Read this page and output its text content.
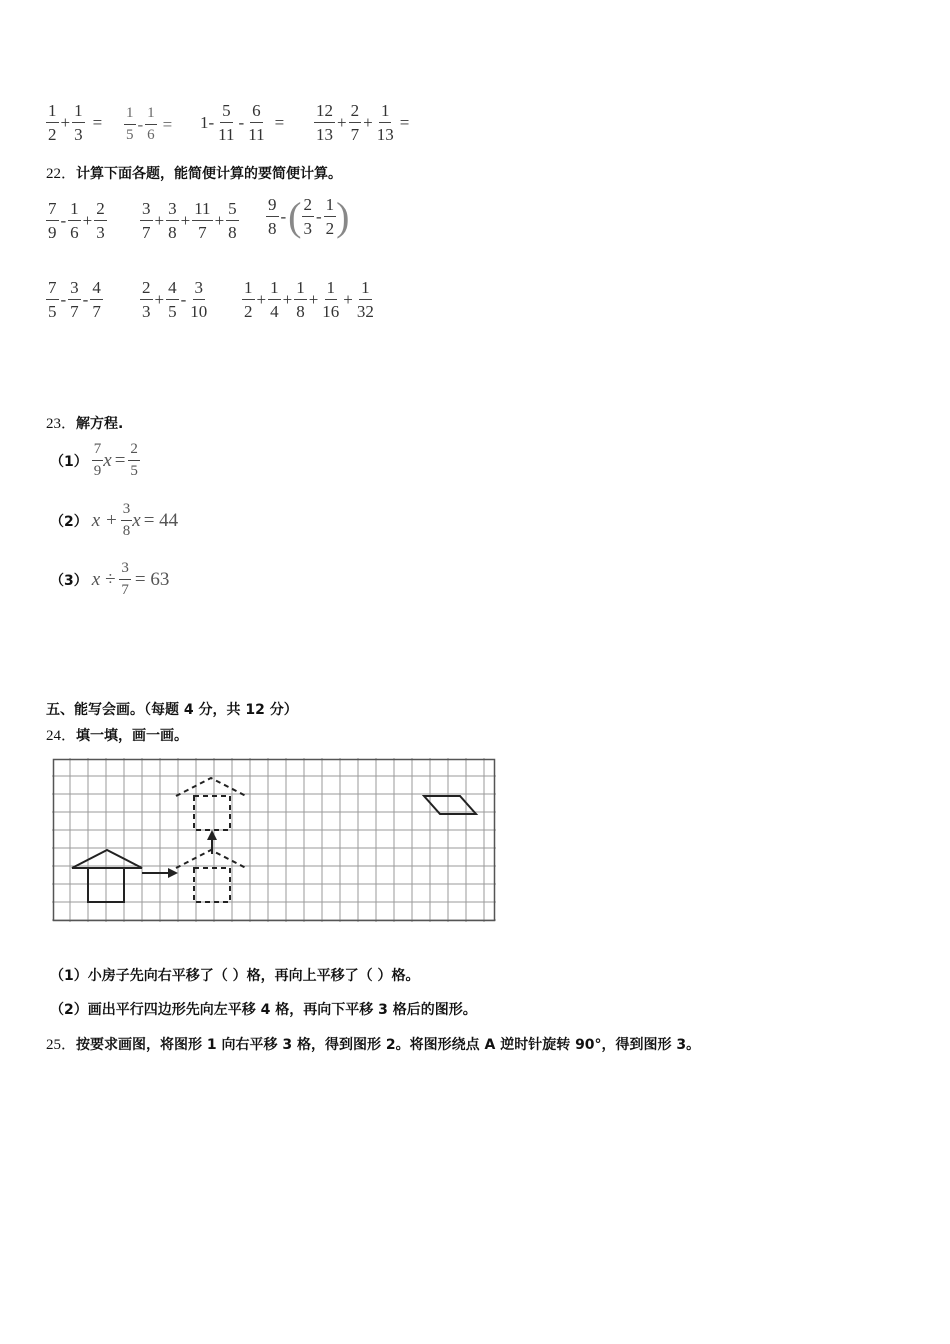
$\frac{1}{2} + \frac{1}{3} = \frac{1}{5} - \frac{1}{6} = 1- \frac{5}{11} - \frac{6}{11} = \frac{12}{13} + \frac{2}{7} + \frac{1}{13}$ =
22．计算下面各题，能简便计算的要简便计算。
$\frac{7}{9} - \frac{1}{6} + \frac{2}{3} \frac{3}{7} + \frac{3}{8} + \frac{11}{7} + \frac{5}{8} \frac{9}{8}$ - ( $\frac{2}{3} - \frac{1}{2}$ )
$\frac{7}{5} - \frac{3}{7} - \frac{4}{7} \frac{2}{3} + \frac{4}{5} - \frac{3}{10} \frac{1}{2} + \frac{1}{4} + \frac{1}{8} + \frac{1}{16} + \frac{1}{32}$
23．解方程.
$(1) \frac{7}{9}$ $x = \frac{2}{5}$
（2） $x + \frac{3}{8}$ x = 44
（3） $x \div \frac{3}{7} = 63$
五、能写会画。（每题 4 分，共 12 分）
24．填一填，画一画。
（1）小房子先向右平移了（ ）格，再向上平移了（ ）格。
（2）画出平行四边形先向左平移 4 格，再向下平移 3 格后的图形。
25．按要求画图，将图形 1 向右平移 3 格，得到图形 2。将图形绕点 A 逆时针旋转 90°，得到图形 3。
